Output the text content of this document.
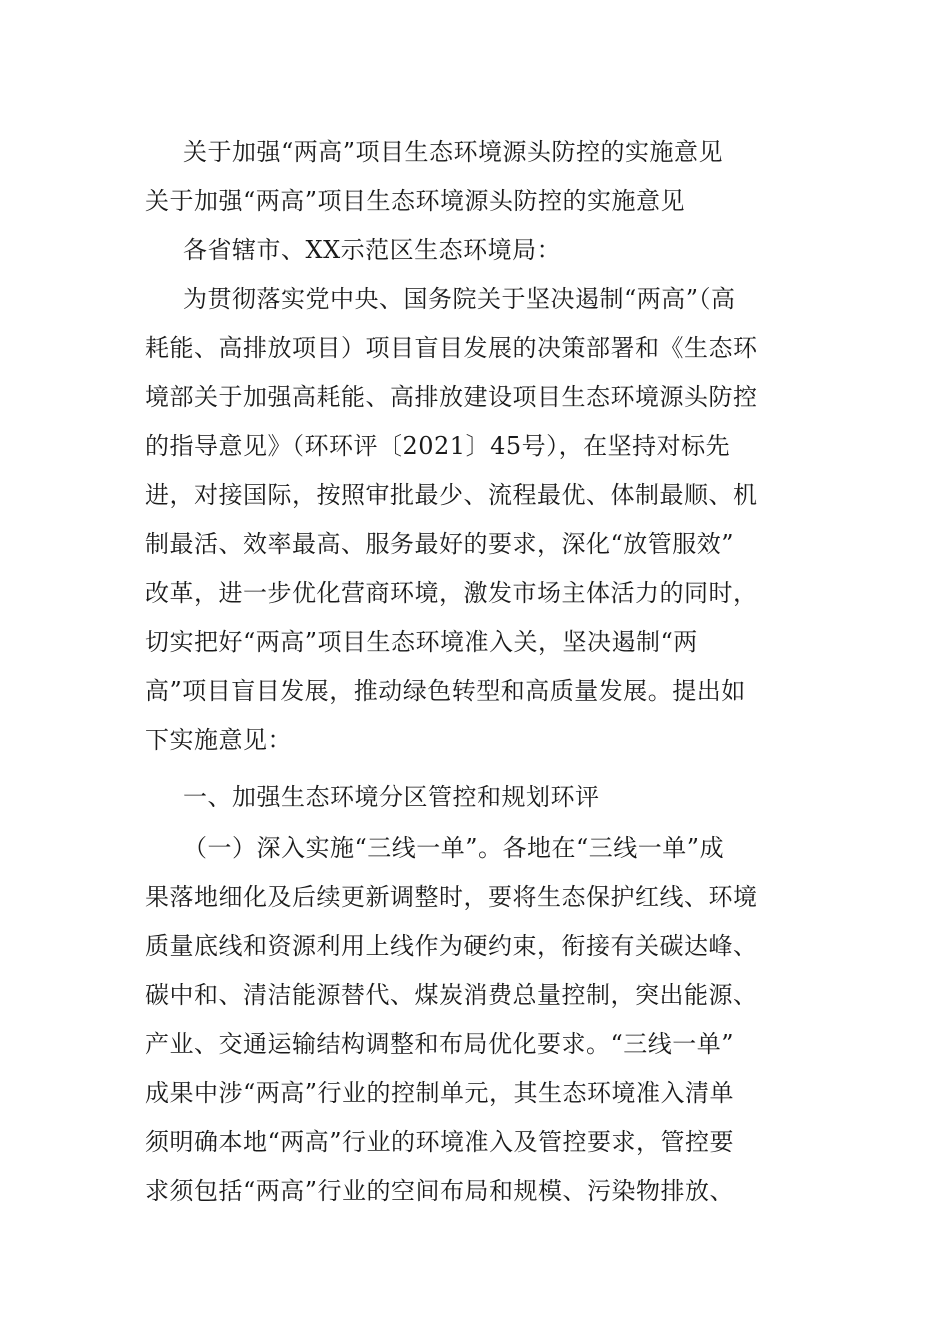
关于加强“两高”项目生态环境源头防控的实施意见

关于加强“两高”项目生态环境源头防控的实施意见

各省辖市、XX示范区生态环境局：

为贯彻落实党中央、国务院关于坚决遏制“两高”（高

耗能、高排放项目）项目盲目发展的决策部署和《生态环

境部关于加强高耗能、高排放建设项目生态环境源头防控

的指导意见》（环环评〔2021〕45号），在坚持对标先

进，对接国际，按照审批最少、流程最优、体制最顺、机

制最活、效率最高、服务最好的要求，深化“放管服效”

改革，进一步优化营商环境，激发市场主体活力的同时，

切实把好“两高”项目生态环境准入关，坚决遏制“两

高”项目盲目发展，推动绿色转型和高质量发展。提出如

下实施意见：

一、加强生态环境分区管控和规划环评

（一）深入实施“三线一单”。各地在“三线一单”成

果落地细化及后续更新调整时，要将生态保护红线、环境

质量底线和资源利用上线作为硬约束，衔接有关碳达峰、

碳中和、清洁能源替代、煤炭消费总量控制，突出能源、

产业、交通运输结构调整和布局优化要求。“三线一单”

成果中涉“两高”行业的控制单元，其生态环境准入清单

须明确本地“两高”行业的环境准入及管控要求，管控要

求须包括“两高”行业的空间布局和规模、污染物排放、
